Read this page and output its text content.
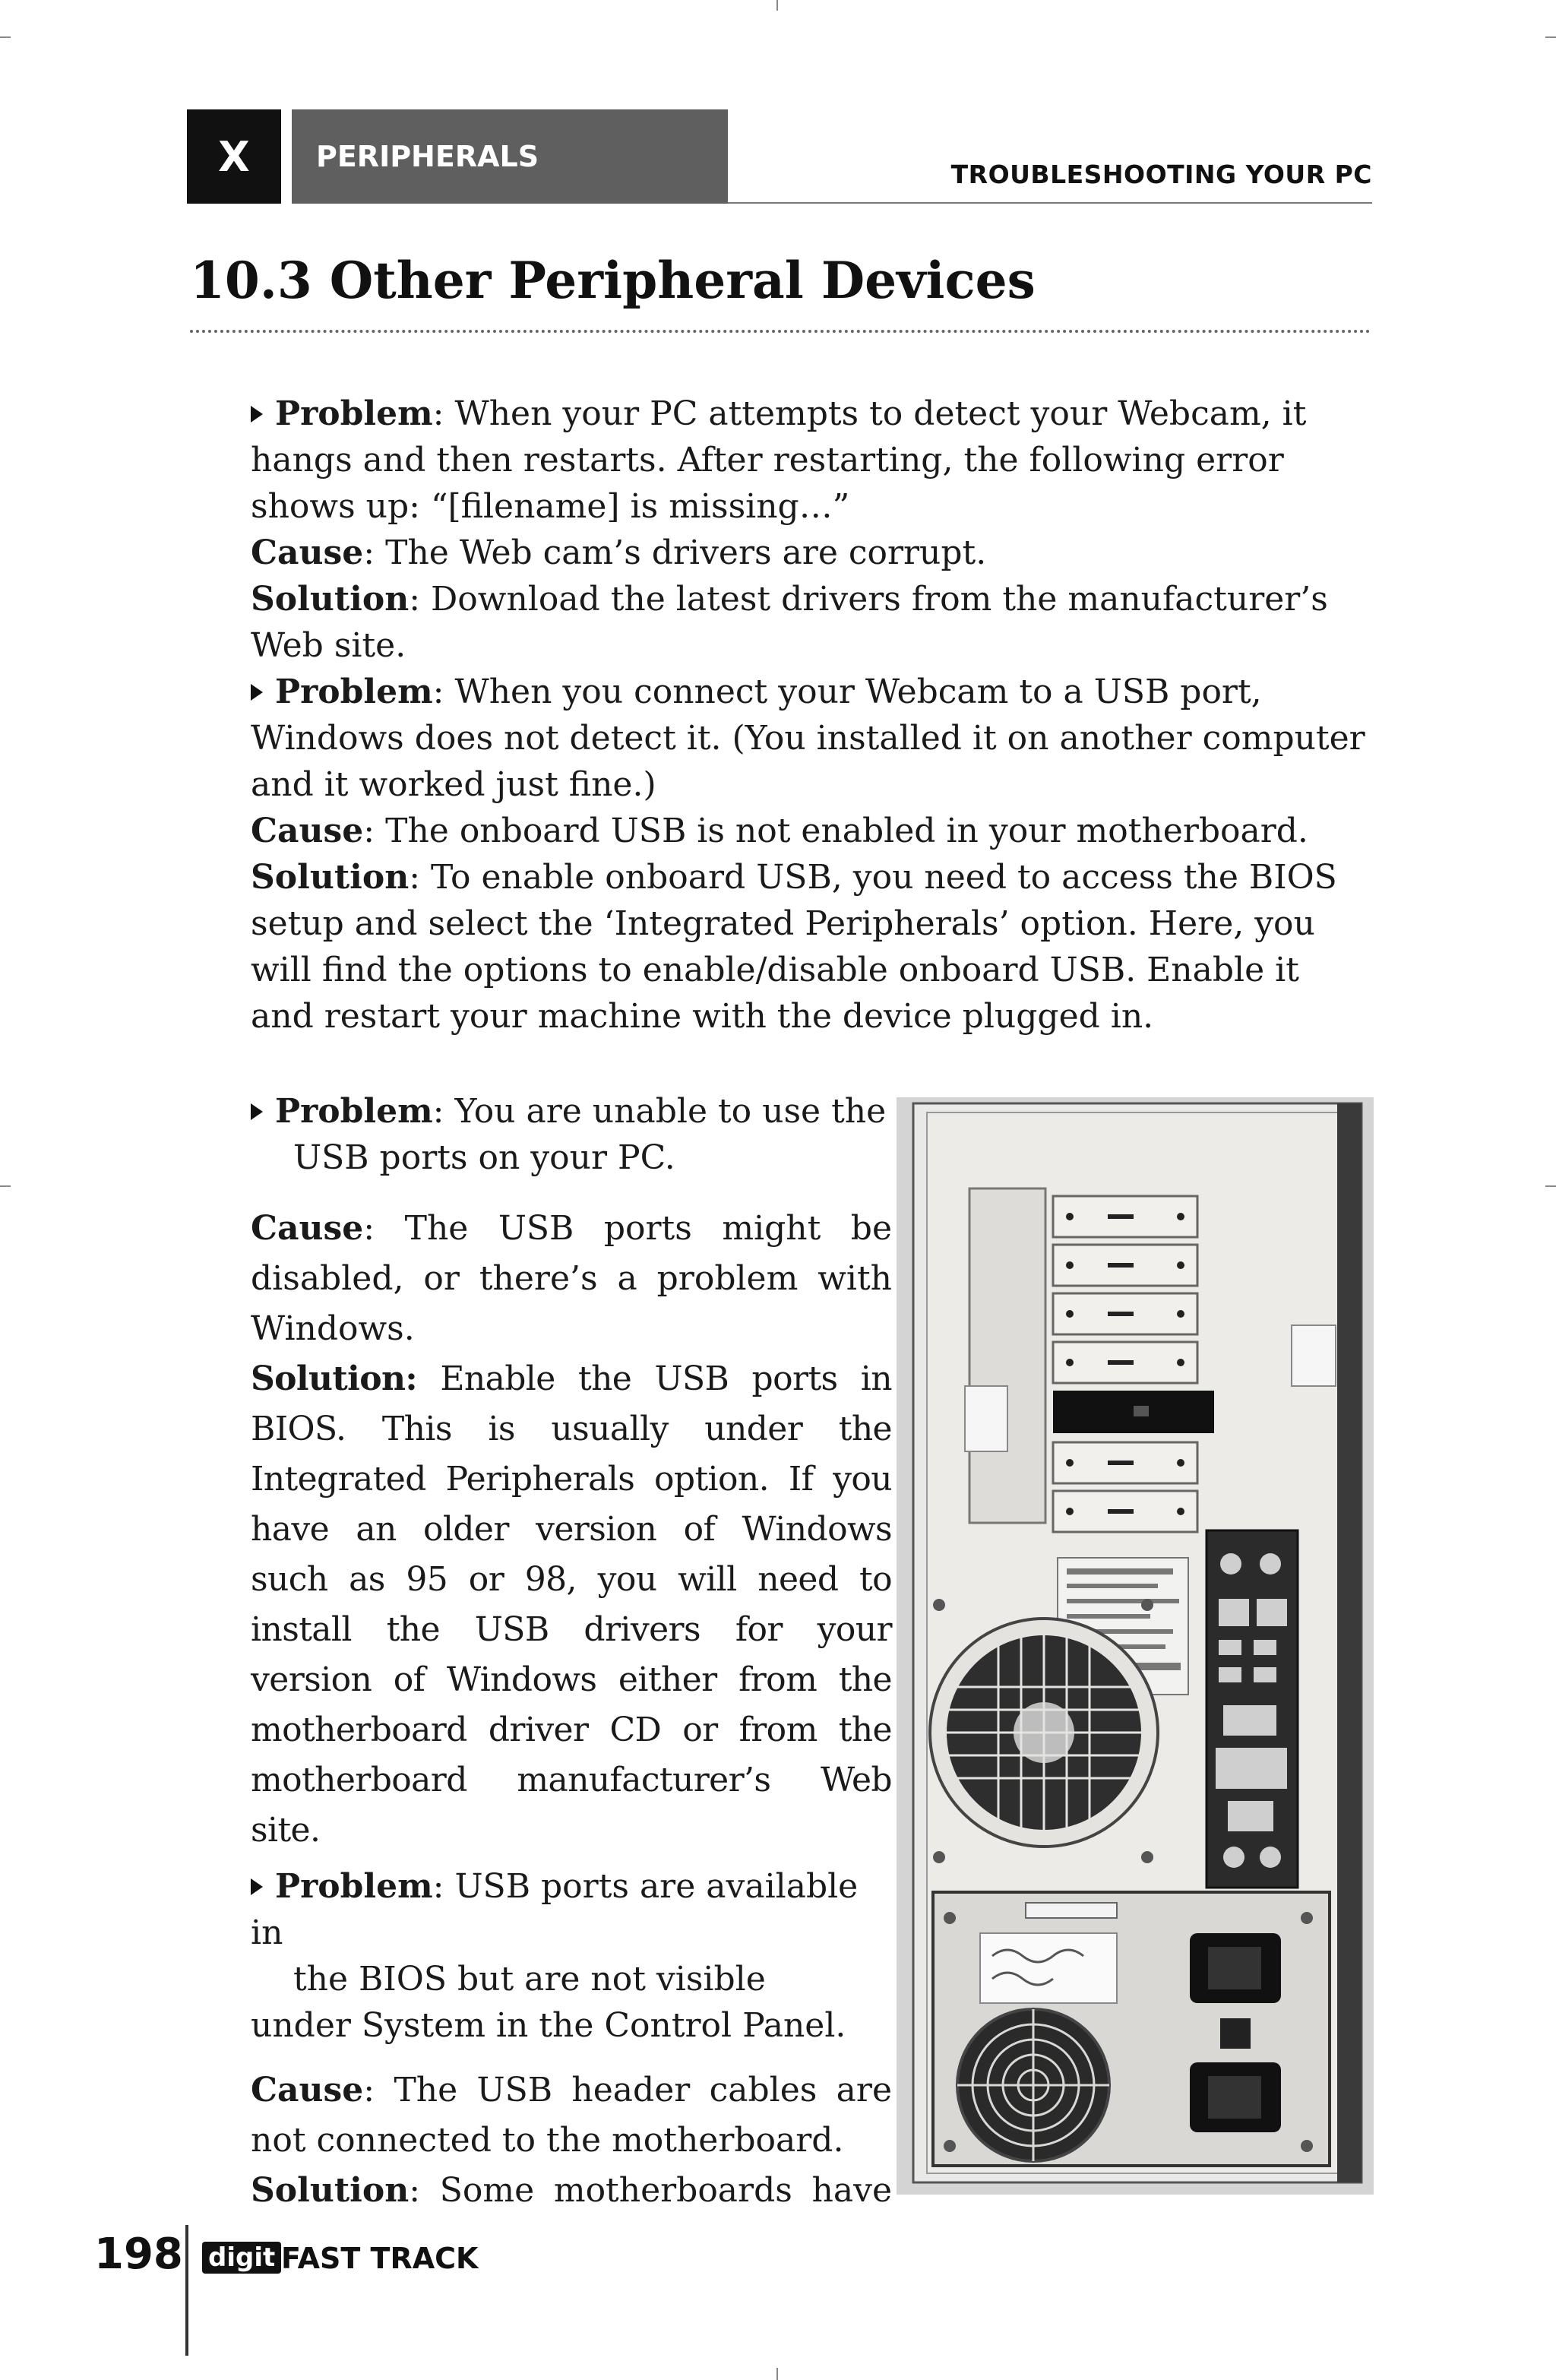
X	PERIPHERALS
TROUBLESHOOTING YOUR PC
10.3 Other Peripheral Devices

Problem: When your PC attempts to detect your Webcam, it hangs and then restarts. After restarting, the following error shows up: “[filename] is missing…”

Cause: The Web cam’s drivers are corrupt.

Solution: Download the latest drivers from the manufacturer’s Web site.

Problem: When you connect your Webcam to a USB port, Windows does not detect it. (You installed it on another computer and it worked just fine.)

Cause: The onboard USB is not enabled in your motherboard.

Solution: To enable onboard USB, you need to access the BIOS setup and select the ‘Integrated Peripherals’ option. Here, you will find the options to enable/disable onboard USB. Enable it and restart your machine with the device plugged in.

Problem: You are unable to use the USB ports on your PC.

Cause: The USB ports might be disabled, or there’s a problem with Windows.

Solution: Enable the USB ports in BIOS. This is usually under the Integrated Peripherals option. If you have an older version of Windows such as 95 or 98, you will need to install the USB drivers for your version of Windows either from the motherboard driver CD or from the motherboard manufacturer’s Web site.

Problem: USB ports are available in

the BIOS but are not visible

under System in the Control Panel.

Cause: The USB header cables are not connected to the motherboard.

Solution: Some motherboards have

198 digit FAST TRACK
